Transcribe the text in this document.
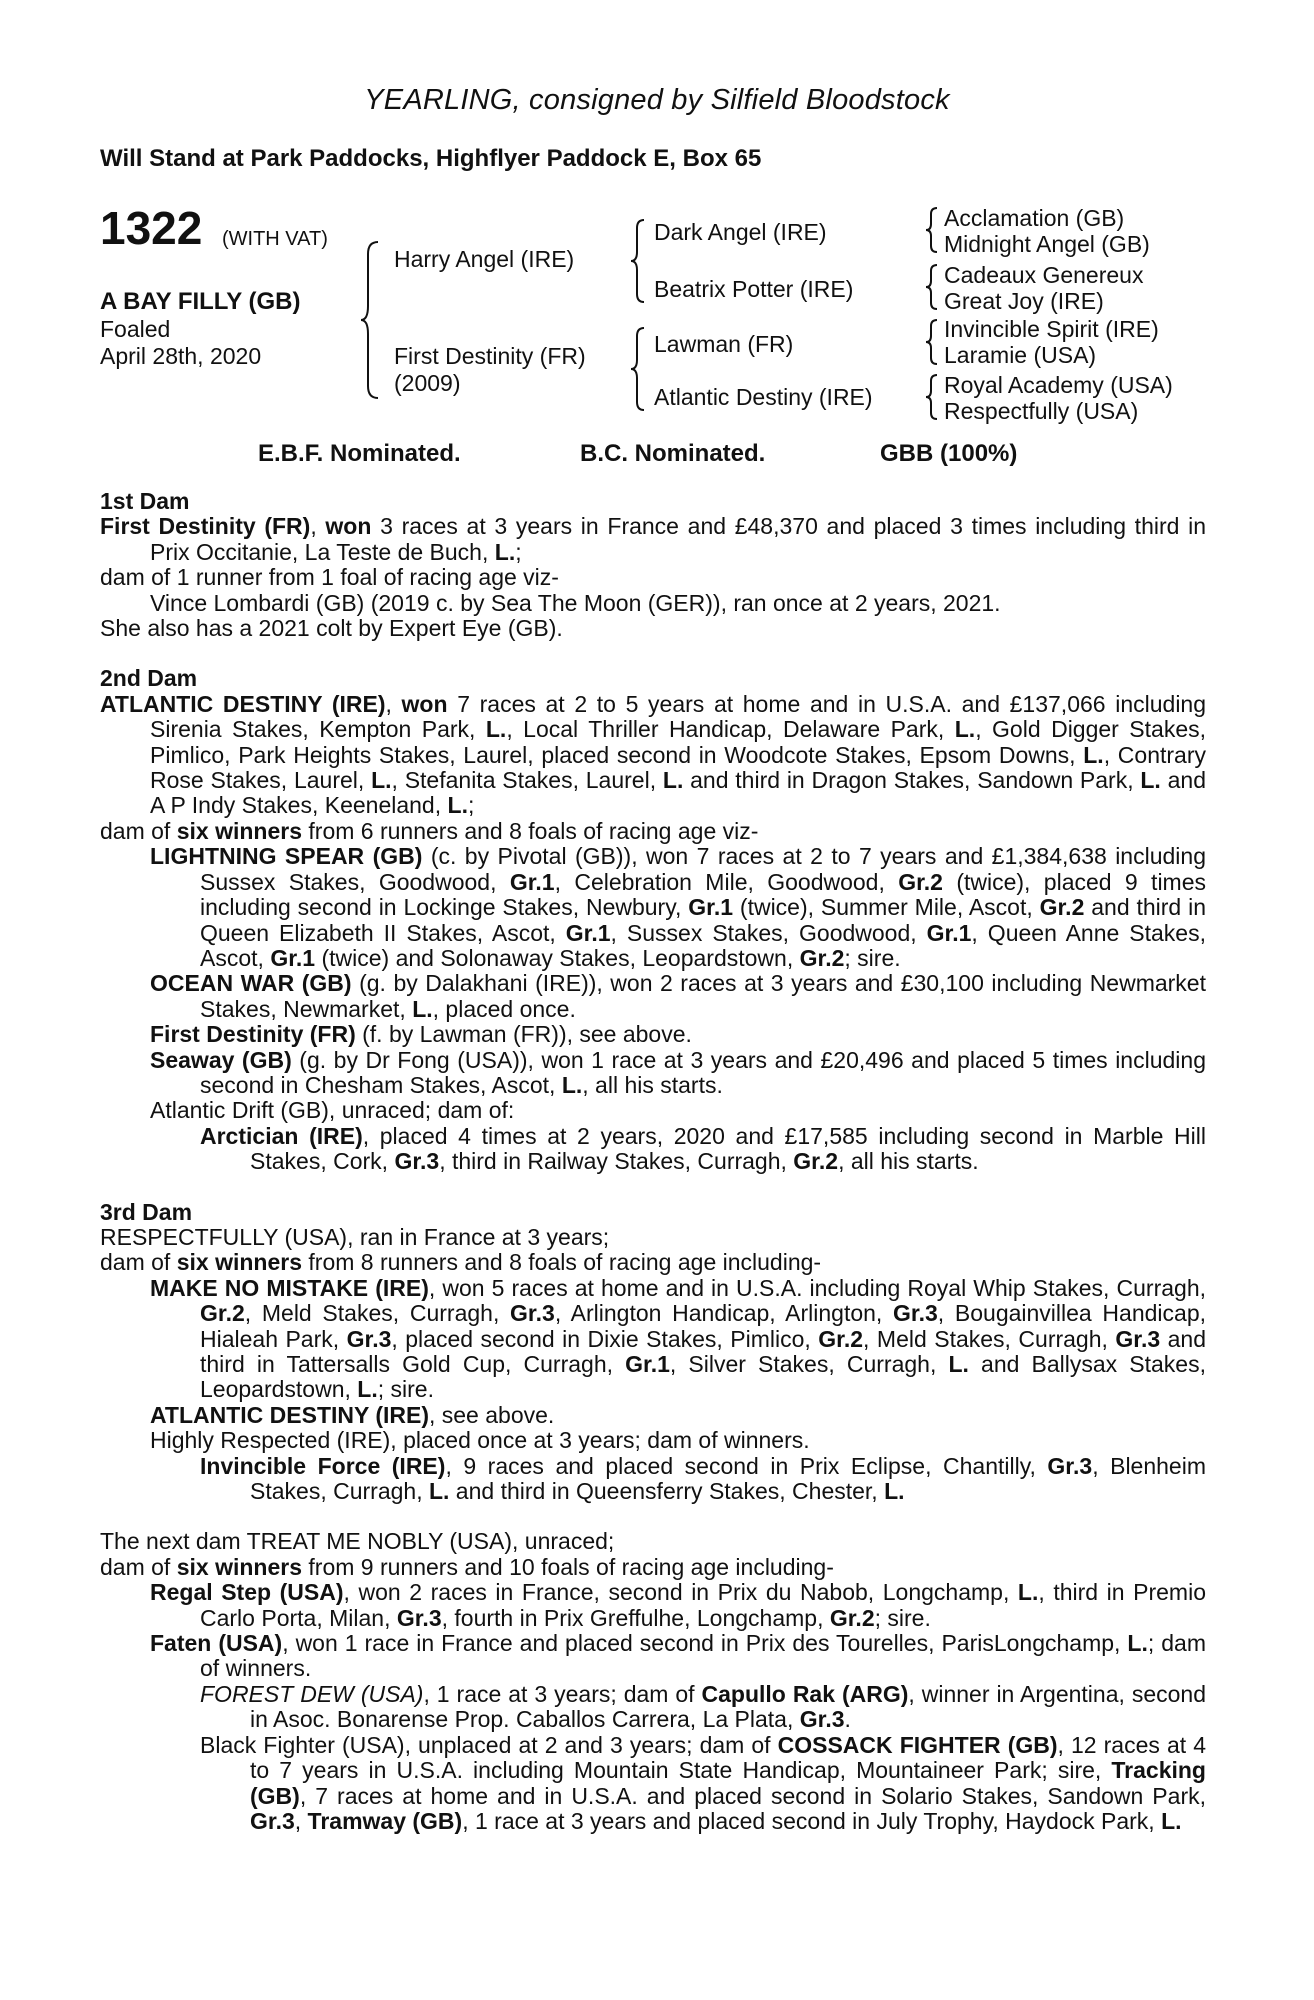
YEARLING, consigned by Silfield Bloodstock
Will Stand at Park Paddocks, Highflyer Paddock E, Box 65
1322 (WITH VAT)
A BAY FILLY (GB)
Foaled
April 28th, 2020
Harry Angel (IRE)
First Destinity (FR)
(2009)
Dark Angel (IRE)
Beatrix Potter (IRE)
Lawman (FR)
Atlantic Destiny (IRE)
Acclamation (GB)
Midnight Angel (GB)
Cadeaux Genereux
Great Joy (IRE)
Invincible Spirit (IRE)
Laramie (USA)
Royal Academy (USA)
Respectfully (USA)
E.B.F. Nominated.	B.C. Nominated.	GBB (100%)

1st Dam

First Destinity (FR), won 3 races at 3 years in France and £48,370 and placed 3 times including third in Prix Occitanie, La Teste de Buch, L.;

dam of 1 runner from 1 foal of racing age viz-

Vince Lombardi (GB) (2019 c. by Sea The Moon (GER)), ran once at 2 years, 2021.

She also has a 2021 colt by Expert Eye (GB).

2nd Dam

ATLANTIC DESTINY (IRE), won 7 races at 2 to 5 years at home and in U.S.A. and £137,066 including Sirenia Stakes, Kempton Park, L., Local Thriller Handicap, Delaware Park, L., Gold Digger Stakes, Pimlico, Park Heights Stakes, Laurel, placed second in Woodcote Stakes, Epsom Downs, L., Contrary Rose Stakes, Laurel, L., Stefanita Stakes, Laurel, L. and third in Dragon Stakes, Sandown Park, L. and A P Indy Stakes, Keeneland, L.;

dam of six winners from 6 runners and 8 foals of racing age viz-

LIGHTNING SPEAR (GB) (c. by Pivotal (GB)), won 7 races at 2 to 7 years and £1,384,638 including Sussex Stakes, Goodwood, Gr.1, Celebration Mile, Goodwood, Gr.2 (twice), placed 9 times including second in Lockinge Stakes, Newbury, Gr.1 (twice), Summer Mile, Ascot, Gr.2 and third in Queen Elizabeth II Stakes, Ascot, Gr.1, Sussex Stakes, Goodwood, Gr.1, Queen Anne Stakes, Ascot, Gr.1 (twice) and Solonaway Stakes, Leopardstown, Gr.2; sire.

OCEAN WAR (GB) (g. by Dalakhani (IRE)), won 2 races at 3 years and £30,100 including Newmarket Stakes, Newmarket, L., placed once.

First Destinity (FR) (f. by Lawman (FR)), see above.

Seaway (GB) (g. by Dr Fong (USA)), won 1 race at 3 years and £20,496 and placed 5 times including second in Chesham Stakes, Ascot, L., all his starts.

Atlantic Drift (GB), unraced; dam of:

Arctician (IRE), placed 4 times at 2 years, 2020 and £17,585 including second in Marble Hill Stakes, Cork, Gr.3, third in Railway Stakes, Curragh, Gr.2, all his starts.

3rd Dam

RESPECTFULLY (USA), ran in France at 3 years;

dam of six winners from 8 runners and 8 foals of racing age including-

MAKE NO MISTAKE (IRE), won 5 races at home and in U.S.A. including Royal Whip Stakes, Curragh, Gr.2, Meld Stakes, Curragh, Gr.3, Arlington Handicap, Arlington, Gr.3, Bougainvillea Handicap, Hialeah Park, Gr.3, placed second in Dixie Stakes, Pimlico, Gr.2, Meld Stakes, Curragh, Gr.3 and third in Tattersalls Gold Cup, Curragh, Gr.1, Silver Stakes, Curragh, L. and Ballysax Stakes, Leopardstown, L.; sire.

ATLANTIC DESTINY (IRE), see above.

Highly Respected (IRE), placed once at 3 years; dam of winners.

Invincible Force (IRE), 9 races and placed second in Prix Eclipse, Chantilly, Gr.3, Blenheim Stakes, Curragh, L. and third in Queensferry Stakes, Chester, L.

The next dam TREAT ME NOBLY (USA), unraced;

dam of six winners from 9 runners and 10 foals of racing age including-

Regal Step (USA), won 2 races in France, second in Prix du Nabob, Longchamp, L., third in Premio Carlo Porta, Milan, Gr.3, fourth in Prix Greffulhe, Longchamp, Gr.2; sire.

Faten (USA), won 1 race in France and placed second in Prix des Tourelles, ParisLongchamp, L.; dam of winners.

FOREST DEW (USA), 1 race at 3 years; dam of Capullo Rak (ARG), winner in Argentina, second in Asoc. Bonarense Prop. Caballos Carrera, La Plata, Gr.3.

Black Fighter (USA), unplaced at 2 and 3 years; dam of COSSACK FIGHTER (GB), 12 races at 4 to 7 years in U.S.A. including Mountain State Handicap, Mountaineer Park; sire, Tracking (GB), 7 races at home and in U.S.A. and placed second in Solario Stakes, Sandown Park, Gr.3, Tramway (GB), 1 race at 3 years and placed second in July Trophy, Haydock Park, L.
